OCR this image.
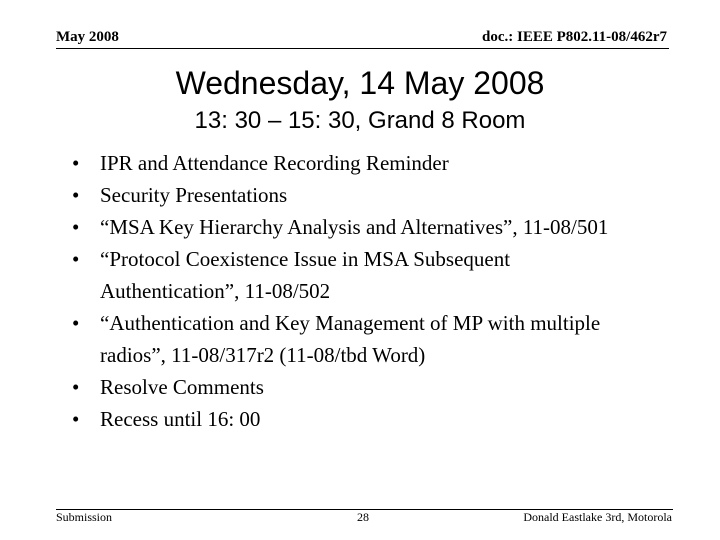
May 2008	doc.: IEEE P802.11-08/462r7
Wednesday, 14 May 2008
13: 30 – 15: 30, Grand 8 Room
• IPR and Attendance Recording Reminder
• Security Presentations
• “MSA Key Hierarchy Analysis and Alternatives”, 11-08/501
• “Protocol Coexistence Issue in MSA Subsequent Authentication”, 11-08/502
• “Authentication and Key Management of MP with multiple radios”, 11-08/317r2 (11-08/tbd Word)
• Resolve Comments
• Recess until 16: 00
Submission	28	Donald Eastlake 3rd, Motorola
